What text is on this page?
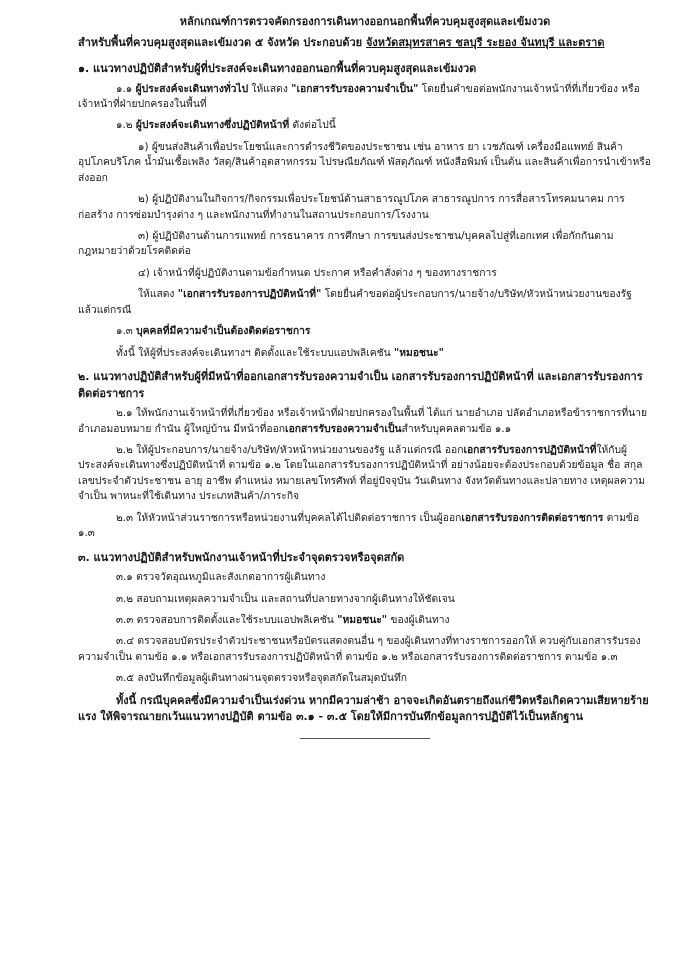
หลักเกณฑ์การตรวจคัดกรองการเดินทางออกนอกพื้นที่ควบคุมสูงสุดและเข้มงวด
สำหรับพื้นที่ควบคุมสูงสุดและเข้มงวด ๕ จังหวัด ประกอบด้วย จังหวัดสมุทรสาคร ชลบุรี ระยอง จันทบุรี และตราด
๑. แนวทางปฏิบัติสำหรับผู้ที่ประสงค์จะเดินทางออกนอกพื้นที่ควบคุมสูงสุดและเข้มงวด

๑.๑ ผู้ประสงค์จะเดินทางทั่วไป ให้แสดง "เอกสารรับรองความจำเป็น" โดยยื่นคำขอต่อพนักงานเจ้าหน้าที่ที่เกี่ยวข้อง หรือเจ้าหน้าที่ฝ่ายปกครองในพื้นที่

๑.๒ ผู้ประสงค์จะเดินทางซึ่งปฏิบัติหน้าที่ ดังต่อไปนี้

๑) ผู้ขนส่งสินค้าเพื่อประโยชน์และการดำรงชีวิตของประชาชน เช่น อาหาร ยา เวชภัณฑ์ เครื่องมือแพทย์ สินค้าอุปโภคบริโภค น้ำมันเชื้อเพลิง วัสดุ/สินค้าอุตสาหกรรม ไปรษณียภัณฑ์ พัสดุภัณฑ์ หนังสือพิมพ์ เป็นต้น และสินค้าเพื่อการนำเข้าหรือส่งออก

๒) ผู้ปฏิบัติงานในกิจการ/กิจกรรมเพื่อประโยชน์ด้านสาธารณูปโภค สาธารณูปการ การสื่อสารโทรคมนาคม การก่อสร้าง การซ่อมบำรุงต่าง ๆ และพนักงานที่ทำงานในสถานประกอบการ/โรงงาน

๓) ผู้ปฏิบัติงานด้านการแพทย์ การธนาคาร การศึกษา การขนส่งประชาชน/บุคคลไปสู่ที่เอกเทศ เพื่อกักกันตามกฎหมายว่าด้วยโรคติดต่อ

๔) เจ้าหน้าที่ผู้ปฏิบัติงานตามข้อกำหนด ประกาศ หรือคำสั่งต่าง ๆ ของทางราชการ

ให้แสดง "เอกสารรับรองการปฏิบัติหน้าที่" โดยยื่นคำขอต่อผู้ประกอบการ/นายจ้าง/บริษัท/หัวหน้าหน่วยงานของรัฐ แล้วแต่กรณี

๑.๓ บุคคลที่มีความจำเป็นต้องติดต่อราชการ

ทั้งนี้ ให้ผู้ที่ประสงค์จะเดินทางฯ ติดตั้งและใช้ระบบแอปพลิเคชัน "หมอชนะ"

๒. แนวทางปฏิบัติสำหรับผู้ที่มีหน้าที่ออกเอกสารรับรองความจำเป็น เอกสารรับรองการปฏิบัติหน้าที่ และเอกสารรับรองการติดต่อราชการ

๒.๑ ให้พนักงานเจ้าหน้าที่ที่เกี่ยวข้อง หรือเจ้าหน้าที่ฝ่ายปกครองในพื้นที่ ได้แก่ นายอำเภอ ปลัดอำเภอหรือข้าราชการที่นายอำเภอมอบหมาย กำนัน ผู้ใหญ่บ้าน มีหน้าที่ออกเอกสารรับรองความจำเป็นสำหรับบุคคลตามข้อ ๑.๑

๒.๒ ให้ผู้ประกอบการ/นายจ้าง/บริษัท/หัวหน้าหน่วยงานของรัฐ แล้วแต่กรณี ออกเอกสารรับรองการปฏิบัติหน้าที่ให้กับผู้ประสงค์จะเดินทางซึ่งปฏิบัติหน้าที่ ตามข้อ ๑.๒ โดยในเอกสารรับรองการปฏิบัติหน้าที่ อย่างน้อยจะต้องประกอบด้วยข้อมูล ชื่อ สกุล เลขประจำตัวประชาชน อายุ อาชีพ ตำแหน่ง หมายเลขโทรศัพท์ ที่อยู่ปัจจุบัน วันเดินทาง จังหวัดต้นทางและปลายทาง เหตุผลความจำเป็น พาหนะที่ใช้เดินทาง ประเภทสินค้า/ภาระกิจ

๒.๓ ให้หัวหน้าส่วนราชการหรือหน่วยงานที่บุคคลได้ไปติดต่อราชการ เป็นผู้ออกเอกสารรับรองการติดต่อราชการ ตามข้อ ๑.๓

๓. แนวทางปฏิบัติสำหรับพนักงานเจ้าหน้าที่ประจำจุดตรวจหรือจุดสกัด

๓.๑ ตรวจวัดอุณหภูมิและสังเกตอาการผู้เดินทาง

๓.๒ สอบถามเหตุผลความจำเป็น และสถานที่ปลายทางจากผู้เดินทางให้ชัดเจน

๓.๓ ตรวจสอบการติดตั้งและใช้ระบบแอปพลิเคชัน "หมอชนะ" ของผู้เดินทาง

๓.๔ ตรวจสอบบัตรประจำตัวประชาชนหรือบัตรแสดงตนอื่น ๆ ของผู้เดินทางที่ทางราชการออกให้ ควบคู่กับเอกสารรับรองความจำเป็น ตามข้อ ๑.๑ หรือเอกสารรับรองการปฏิบัติหน้าที่ ตามข้อ ๑.๒ หรือเอกสารรับรองการติดต่อราชการ ตามข้อ ๑.๓

๓.๕ ลงบันทึกข้อมูลผู้เดินทางผ่านจุดตรวจหรือจุดสกัดในสมุดบันทึก

ทั้งนี้ กรณีบุคคลซึ่งมีความจำเป็นเร่งด่วน หากมีความล่าช้า อาจจะเกิดอันตรายถึงแก่ชีวิตหรือเกิดความเสียหายร้ายแรง ให้พิจารณายกเว้นแนวทางปฏิบัติ ตามข้อ ๓.๑ - ๓.๕ โดยให้มีการบันทึกข้อมูลการปฏิบัติไว้เป็นหลักฐาน
